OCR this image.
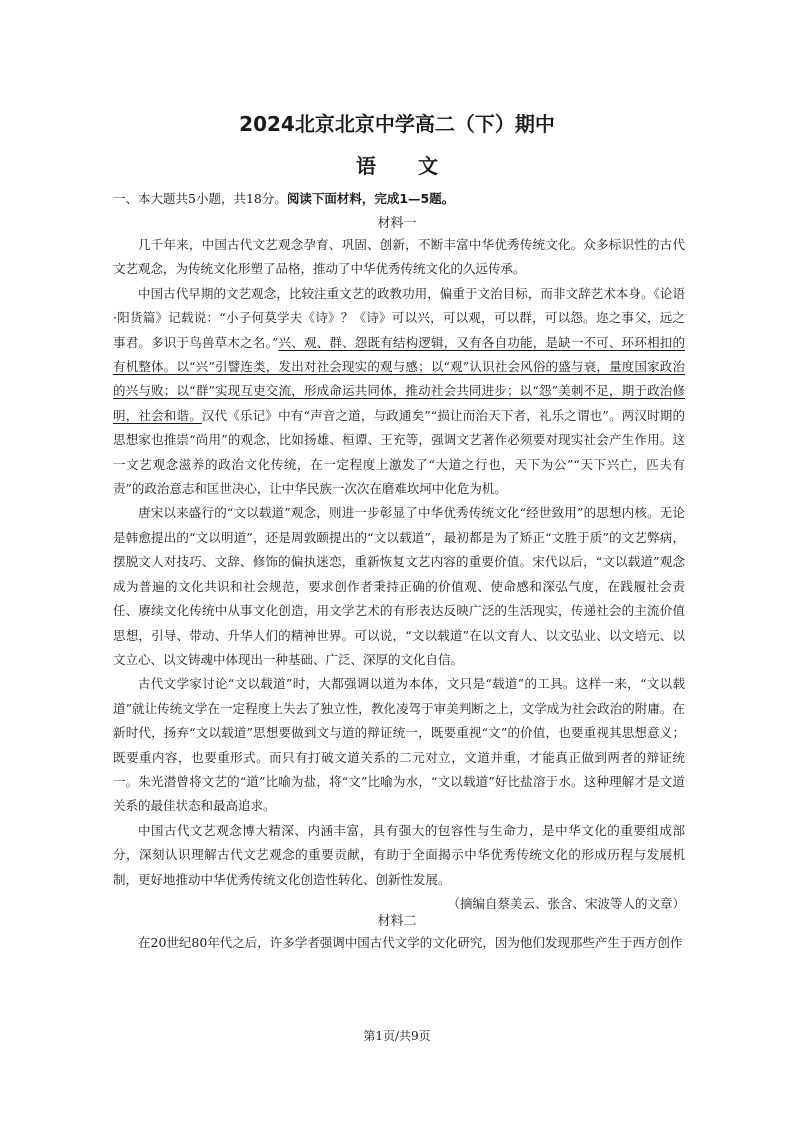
2024北京北京中学高二（下）期中
语文
一、本大题共5小题，共18分。阅读下面材料，完成1—5题。
材料一

几千年来，中国古代文艺观念孕育、巩固、创新，不断丰富中华优秀传统文化。众多标识性的古代文艺观念，为传统文化形塑了品格，推动了中华优秀传统文化的久远传承。

中国古代早期的文艺观念，比较注重文艺的政教功用，偏重于文治目标，而非文辞艺术本身。《论语·阳货篇》记载说：“小子何莫学夫《诗》？《诗》可以兴，可以观，可以群，可以怨。迩之事父，远之事君。多识于鸟兽草木之名。”兴、观、群、怨既有结构逻辑，又有各自功能，是缺一不可、环环相扣的有机整体。以“兴”引譬连类，发出对社会现实的观与感；以“观”认识社会风俗的盛与衰，量度国家政治的兴与败；以“群”实现互吏交流，形成命运共同体，推动社会共同进步；以“怨”美刺不足，期于政治修明，社会和谐。汉代《乐记》中有“声音之道，与政通矣”“损让而治天下者，礼乐之谓也”。两汉时期的思想家也推崇“尚用”的观念，比如扬雄、桓谭、王充等，强调文艺著作必须要对现实社会产生作用。这一文艺观念滋养的政治文化传统，在一定程度上激发了“大道之行也，天下为公”“天下兴亡，匹夫有责”的政治意志和匡世决心，让中华民族一次次在磨难坎坷中化危为机。

唐宋以来盛行的“文以载道”观念，则进一步彰显了中华优秀传统文化“经世致用”的思想内核。无论是韩愈提出的“文以明道”，还是周敦颐提出的“文以载道”，最初都是为了矫正“文胜于质”的文艺弊病，摆脱文人对技巧、文辞、修饰的偏执迷恋，重新恢复文艺内容的重要价值。宋代以后，“文以载道”观念成为普遍的文化共识和社会规范，要求创作者秉持正确的价值观、使命感和深弘气度，在践履社会责任、赓续文化传统中从事文化创造，用文学艺术的有形表达反映广泛的生活现实，传递社会的主流价值思想，引导、带动、升华人们的精神世界。可以说，“文以载道”在以文育人、以文弘业、以文培元、以文立心、以文铸魂中体现出一种基础、广泛、深厚的文化自信。

古代文学家讨论“文以载道”时，大都强调以道为本体，文只是“载道”的工具。这样一来，“文以载道”就让传统文学在一定程度上失去了独立性，教化凌驾于审美判断之上，文学成为社会政治的附庸。在新时代，扬弃“文以载道”思想要做到文与道的辩证统一，既要重视“文”的价值，也要重视其思想意义；既要重内容，也要重形式。而只有打破文道关系的二元对立，文道并重，才能真正做到两者的辩证统一。朱光潜曾将文艺的“道”比喻为盐，将“文”比喻为水，“文以载道”好比盐溶于水。这种理解才是文道关系的最佳状态和最高追求。

中国古代文艺观念博大精深、内涵丰富，具有强大的包容性与生命力，是中华文化的重要组成部分，深刻认识理解古代文艺观念的重要贡献，有助于全面揭示中华优秀传统文化的形成历程与发展机制，更好地推动中华优秀传统文化创造性转化、创新性发展。
（摘编自蔡美云、张含、宋波等人的文章）

材料二

在20世纪80年代之后，许多学者强调中国古代文学的文化研究，因为他们发现那些产生于西方创作

第1页/共9页
